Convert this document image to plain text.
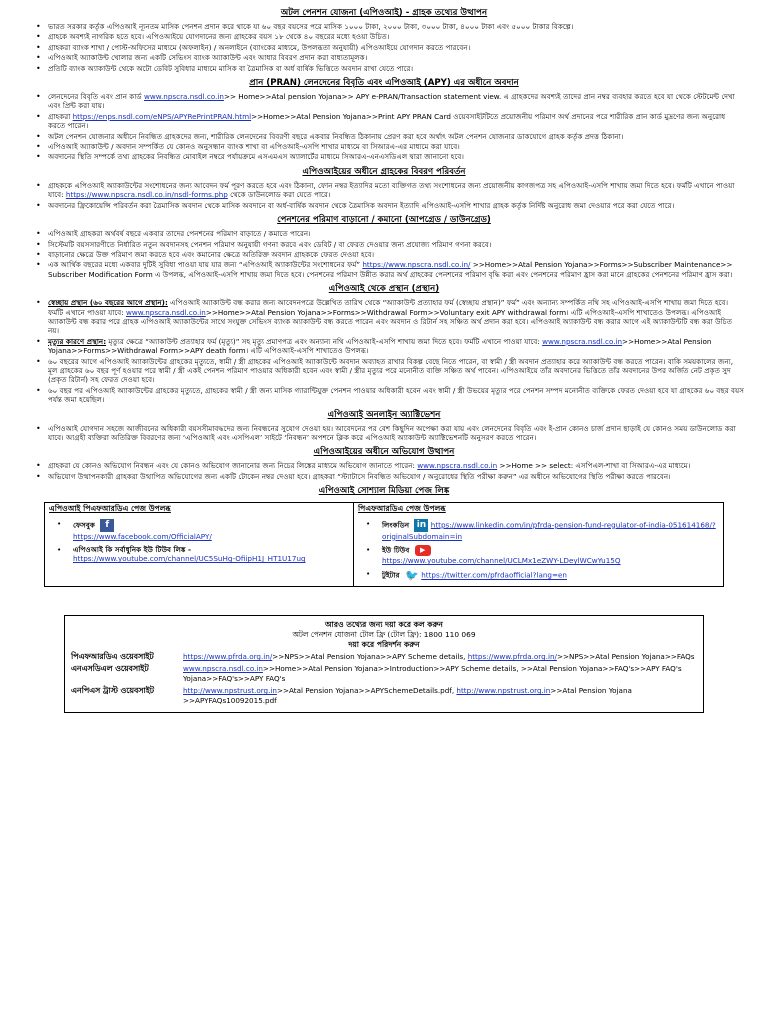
অটল পেনশন যোজনা (এপিওআই) - গ্রাহক তথ্যের উত্থাপন
• ভারত সরকার কর্তৃক এপিওআই ন্যূনতম মাসিক পেনশন প্রদান করে থাকে যা ৬০ বছর বয়সের পরে মাসিক ১০০০ টাকা, ২০০০ টাকা, ৩০০০ টাকা, ৪০০০ টাকা এবং ৫০০০ টাকার বিকল্পে।
• গ্রাহকে অবশ্যই নাগরিক হতে হবে। এপিওআইয়ে যোগদানের জন্য গ্রাহকের বয়স ১৮ থেকে ৪০ বছরের মধ্যে হওয়া উচিত।
• গ্রাহকরা ব্যাংক শাখা / পোস্ট-অফিসের মাধ্যমে (অফলাইন) / অনলাইনে (ব্যাংকের মাধ্যমে, উপলব্ধতা অনুযায়ী) এপিওআইয়ে যোগদান করতে পারবেন।
• এপিওআই অ্যাকাউন্ট খোলার জন্য একটি সেভিংস ব্যাংক অ্যাকাউন্ট এবং আধার বিবরণ প্রদান করা বাধ্যতামূলক।
• প্রতিটি ব্যাংক অ্যাকাউন্ট থেকে অটো ডেবিট সুবিধার মাধ্যমে মাসিক বা ত্রৈমাসিক বা অর্ধ বার্ষিক ভিত্তিতে অবদান রাখা যেতে পারে।
প্রান (PRAN) লেনদেনের বিবৃতি এবং এপিওআই (APY) এর অধীনে অবদান
• লেনদেনের বিবৃতি এবং প্রান কার্ড www.npscra.nsdl.co.in>> Home>>Atal pension Yojana>> APY e-PRAN/Transaction statement view. এ গ্রাহকদের অবশ্যই তাদের প্রান নম্বর ব্যবহার করতে হবে যা থেকে স্টেটমেন্ট দেখা এবং প্রিন্ট করা যায়।
• গ্রাহকরা https://enps.nsdl.com/eNPS/APYRePrintPRAN.html>>Home>>Atal Pension Yojana>>Print APY PRAN Card ওয়েবসাইটটিতে প্রয়োজনীয় পরিমাণ অর্থ প্রদানের পরে শারীরিক প্রান কার্ড মুদ্রণের জন্য অনুরোধ করতে পারেন।
• অটল পেনশন যোজনার অধীনে নিবন্ধিত গ্রাহকদের জন্য, শারীরিক লেনদেনের বিবরণী বছরে একবার নিবন্ধিত ঠিকানায় প্রেরণ করা হবে অর্থাৎ অটল পেনশন যোজনার ডাকযোগে গ্রাহক কর্তৃক প্রদত্ত ঠিকানা।
• এপিওআই অ্যাকাউন্ট / অবদান সম্পর্কিত যে কোনও অনুসন্ধান ব্যাংক শাখা বা এপিওআই-এসপি শাখার মাধ্যমে বা সিআরএ-এর মাধ্যমে করা যাবে।
• অবদানের স্থিতি সম্পর্কে তথ্য গ্রাহকের নিবন্ধিত মোবাইল নম্বরে পর্যায়ক্রমে এসএমএস অ্যালার্টের মাধ্যমে সিআরএ-এনএসডিএল দ্বারা জানানো হবে।
এপিওআইয়ের অধীনে গ্রাহকের বিবরণ পরিবর্তন
• গ্রাহককে এপিওআই অ্যাকাউন্টের সংশোধনের জন্য আবেদন ফর্ম পূরণ করতে হবে এবং ঠিকানা, ফোন নম্বর ইত্যাদির মতো ব্যক্তিগত তথ্য সংশোধনের জন্য প্রয়োজনীয় কাগজপত্র সহ এপিওআই-এসপি শাখায় জমা দিতে হবে। ফর্মটি এখানে পাওয়া যাবে: https://www.npscra.nsdl.co.in/nsdl-forms.php থেকে ডাউনলোড করা যেতে পারে।
• অবদানের ফ্রিকোয়েন্সি পরিবর্তন করা ত্রৈমাসিক অবদান থেকে মাসিক অবদানে বা অর্ধ-বার্ষিক অবদান থেকে ত্রৈমাসিক অবদান ইত্যাদি এপিওআই-এসপি শাখার গ্রাহক কর্তৃক নির্দিষ্ট অনুরোধ জমা দেওয়ার পরে করা যেতে পারে।
পেনশনের পরিমাণ বাড়ানো / কমানো (আপগ্রেড / ডাউনগ্রেড)
• এপিওআই গ্রাহকরা অর্থবর্ষ বছরে একবার তাদের পেনশনের পরিমাণ বাড়াতে / কমাতে পারেন।
• সিস্টেমটি বয়সসারণীতে নির্ধারিত নতুন অবদানসহ পেনশন পরিমাণ অনুযায়ী গণনা করবে এবং ডেবিট / বা ফেরত দেওয়ার জন্য প্রযোজ্য পরিমাণ গণনা করবে।
• বাড়ানোর ক্ষেত্রে উক্ত পরিমাণ জমা করতে হবে এবং কমানোর ক্ষেত্রে অতিরিক্ত অবদান গ্রাহককে ফেরত দেওয়া হবে।
• এক আর্থিক বছরের মধ্যে একবার দুটিই সুবিধা পাওয়া যায় যার জন্য “এপিওআই অ্যাকাউন্টের সংশোধনের ফর্ম” https://www.npscra.nsdl.co.in/ >>Home>>Atal Pension Yojana>>Forms>>Subscriber Maintenance>> Subscriber Modification Form এ উপলব্ধ, এপিওআই-এসপি শাখায় জমা দিতে হবে। পেনশনের পরিমাণ উন্নীত করার অর্থ গ্রাহকের পেনশনের পরিমাণ বৃদ্ধি করা এবং পেনশনের পরিমাণ হ্রাস করা মানে গ্রাহকের পেনশনের পরিমাণ হ্রাস করা।
এপিওআই থেকে প্রস্থান (প্রস্থান)
• স্বেচ্ছায় প্রস্থান (৬০ বছরের আগে প্রস্থান): এপিওআই অ্যাকাউন্ট বন্ধ করার জন্য আবেদনপত্রে উল্লেখিত তারিখ থেকে “অ্যাকাউন্ট প্রত্যাহার ফর্ম (স্বেচ্ছায় প্রস্থান)” ফর্ম” এবং অন্যান্য সম্পর্কিত নথি সহ এপিওআই-এসপি শাখায় জমা দিতে হবে। ফর্মটি এখানে পাওয়া যাবে: www.npscra.nsdl.co.in>>Home>>Atal Pension Yojana>>Forms>>Withdrawal Form>>Voluntary exit APY withdrawal form। এটি এপিওআই-এসপি শাখাতেও উপলব্ধ। এপিওআই অ্যাকাউন্ট বন্ধ করার পরে গ্রাহক এপিওআই অ্যাকাউন্টের সাথে সংযুক্ত সেভিংস ব্যাংক অ্যাকাউন্ট বন্ধ করতে পারেন এবং অবদান ও রিটার্ন সহ সঞ্চিত অর্থ প্রদান করা হবে। এপিওআই অ্যাকাউন্ট বন্ধ করার আগে এই অ্যাকাউন্টটি বন্ধ করা উচিত নয়।
• মৃত্যুর কারণে প্রস্থান: মৃত্যুর ক্ষেত্রে “অ্যাকাউন্ট প্রত্যাহার ফর্ম (মৃত্যু)” সহ মৃত্যু প্রমাণপত্র এবং অন্যান্য নথি এপিওআই-এসপি শাখায় জমা দিতে হবে। ফর্মটি এখানে পাওয়া যাবে: www.npscra.nsdl.co.in>>Home>>Atal Pension Yojana>>Forms>>Withdrawal Form>>APY death form। এটি এপিওআই-এসপি শাখাতেও উপলব্ধ।
• ৬০ বছরের আগে এপিওআই অ্যাকাউন্টের গ্রাহকের মৃত্যুতে, স্বামী / স্ত্রী গ্রাহকের এপিওআই অ্যাকাউন্টে অবদান অব্যাহত রাখার বিকল্প বেছে নিতে পারেন, বা স্বামী / স্ত্রী অবদান প্রত্যাহার করে অ্যাকাউন্ট বন্ধ করতে পারেন। বাকি সময়কালের জন্য, মূল গ্রাহকের ৬০ বছর পূর্ণ হওয়ার পরে স্বামী / স্ত্রী একই পেনশন পরিমাণ পাওয়ার অধিকারী হবেন এবং স্বামী / স্ত্রীর মৃত্যুর পরে মনোনীত ব্যক্তি সঞ্চিত অর্থ পাবেন। এপিওআইয়ে তাঁর অবদানের ভিত্তিতে তাঁর অবদানের উপর অর্জিত নেট প্রকৃত সুদ (প্রকৃত রিটার্ন) সহ ফেরত দেওয়া হবে।
• ৬০ বছর পর এপিওআই অ্যাকাউন্টের গ্রাহকের মৃত্যুতে, গ্রাহকের স্বামী / স্ত্রী জন্য মাসিক গ্যারান্টিযুক্ত পেনশন পাওয়ার অধিকারী হবেন এবং স্বামী / স্ত্রী উভয়ের মৃত্যুর পরে পেনশন সম্পদ মনোনীত ব্যক্তিকে ফেরত দেওয়া হবে যা গ্রাহকের ৬০ বছর বয়স পর্যন্ত জমা হয়েছিল।
এপিওআই অনলাইন অ্যাক্টিভেশন
• এপিওআই যোগদান সহজে আজীবনের অধিকারী বয়সসীমাবদ্ধদের জন্য নিবন্ধনের সুযোগ দেওয়া হয়। আবেদনের পর বেশ কিছুদিন অপেক্ষা করা যায় এবং লেনদেনের বিবৃতি এবং ই-প্রান কোনও চার্জ প্রদান ছাড়াই যে কোনও সময় ডাউনলোড করা যাবে। আগ্রহী ব্যক্তিরা অতিরিক্ত বিবরণের জন্য ‘এপিওআই এবং এসপিএল’ সাইটে ‘নিবন্ধন’ অপশনে ক্লিক করে এপিওআই অ্যাকাউন্ট অ্যাক্টিভেশনটি অনুসরণ করতে পারেন।
এপিওআইয়ের অধীনে অভিযোগ উত্থাপন
• গ্রাহকরা যে কোনও অভিযোগ নিবন্ধন এবং যে কোনও অভিযোগ জানানোর জন্য নিচের লিঙ্কের মাধ্যমে অভিযোগ জানাতে পারেন: www.npscra.nsdl.co.in >>Home >> select: এসপিএল-শাখা বা সিআরএ-এর মাধ্যমে।
• অভিযোগ উত্থাপনকারী গ্রাহকরা উত্থাপিত অভিযোগের জন্য একটি টোকেন নম্বর দেওয়া হবে। গ্রাহকরা “স্ট্যাটাসে নিবন্ধিত অভিযোগ / অনুরোধের স্থিতি পরীক্ষা করুন” এর অধীনে অভিযোগের স্থিতি পরীক্ষা করতে পারবেন।
এপিওআই সোশ্যাল মিডিয়া পেজ লিঙ্ক
এপিওআই পিএফআরডিএ পেজ উপলব্ধ
• ফেসবুক f
https://www.facebook.com/OfficialAPY/
• এপিওআই কি সর্বাধুনিক ইউ টিউব লিঙ্ক -
https://www.youtube.com/channel/UC5SuHg-OfiipH1J_HT1U17ug

পিএফআরডিএ পেজ উপলব্ধ
• লিংকডিন in https://www.linkedin.com/in/pfrda-pension-fund-regulator-of-india-051614168/?originalSubdomain=in
• ইউ টিউব ▶
https://www.youtube.com/channel/UCLMx1eZWY-LDeylWCwYu15Q
• টুইটার 🐦 https://twitter.com/pfrdaofficial?lang=en
আরও তথ্যের জন্য দয়া করে কল করুন
অটল পেনশন যোজনা টোল ফ্রি (টোল ফ্রি): 1800 110 069
দয়া করে পরিদর্শন করুন
পিএফআরডিএ ওয়েবসাইট	https://www.pfrda.org.in/>>NPS>>Atal Pension Yojana>>APY Scheme details, https://www.pfrda.org.in/>>NPS>>Atal Pension Yojana>>FAQs
এনএসডিএল ওয়েবসাইট	www.npscra.nsdl.co.in>>Home>>Atal Pension Yojana>>Introduction>>APY Scheme details, >>Atal Pension Yojana>>FAQ's>>APY FAQ's Yojana>>FAQ's>>APY FAQ's
এনপিএস ট্রাস্ট ওয়েবসাইট	http://www.npstrust.org.in>>Atal Pension Yojana>>APYSchemeDetails.pdf, http://www.npstrust.org.in>>Atal Pension Yojana >>APYFAQs10092015.pdf
